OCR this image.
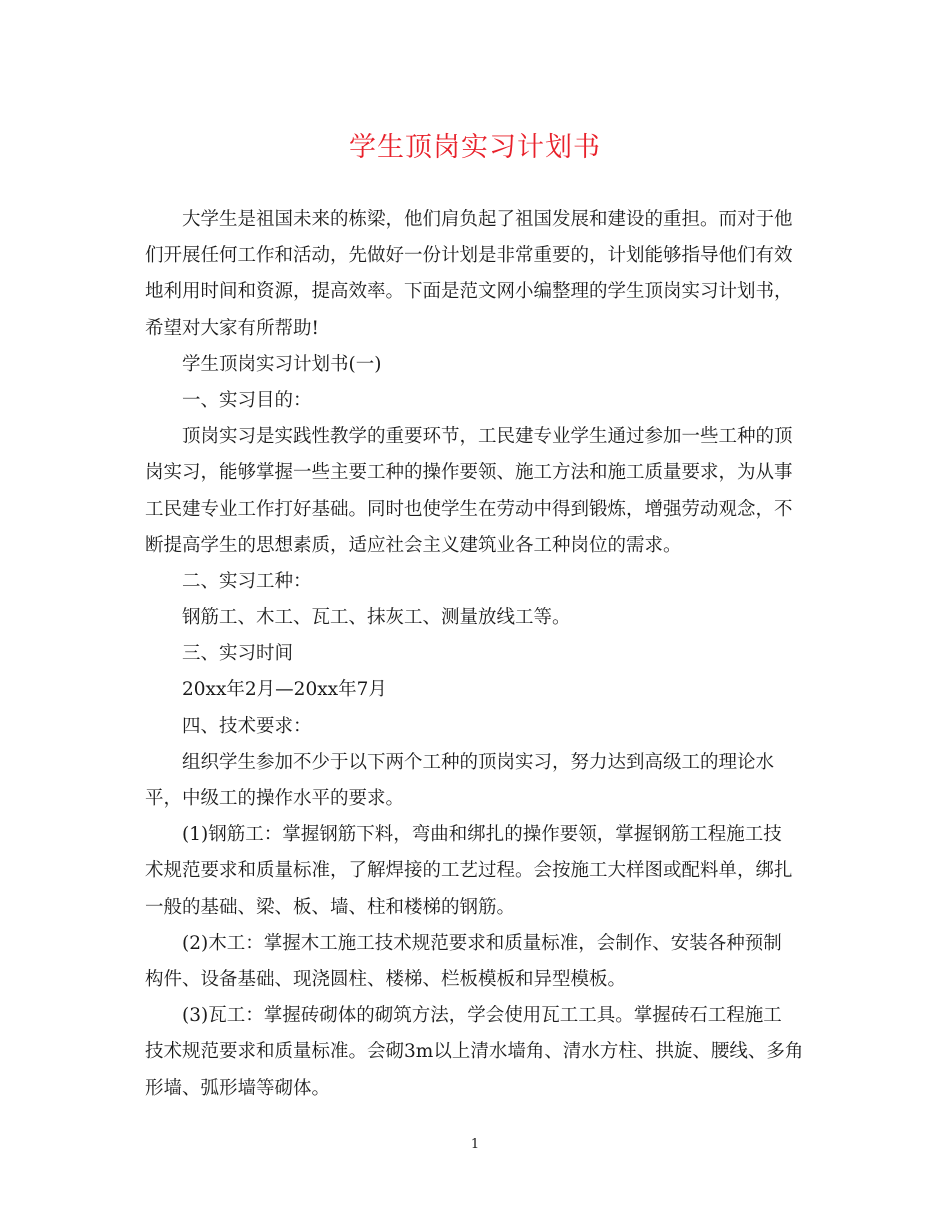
学生顶岗实习计划书
大学生是祖国未来的栋梁，他们肩负起了祖国发展和建设的重担。而对于他
们开展任何工作和活动，先做好一份计划是非常重要的，计划能够指导他们有效
地利用时间和资源，提高效率。下面是范文网小编整理的学生顶岗实习计划书，
希望对大家有所帮助!
学生顶岗实习计划书(一)
一、实习目的：
顶岗实习是实践性教学的重要环节，工民建专业学生通过参加一些工种的顶
岗实习，能够掌握一些主要工种的操作要领、施工方法和施工质量要求，为从事
工民建专业工作打好基础。同时也使学生在劳动中得到锻炼，增强劳动观念，不
断提高学生的思想素质，适应社会主义建筑业各工种岗位的需求。
二、实习工种：
钢筋工、木工、瓦工、抹灰工、测量放线工等。
三、实习时间
20xx年2月—20xx年7月
四、技术要求：
组织学生参加不少于以下两个工种的顶岗实习，努力达到高级工的理论水
平，中级工的操作水平的要求。
(1)钢筋工：掌握钢筋下料，弯曲和绑扎的操作要领，掌握钢筋工程施工技
术规范要求和质量标准，了解焊接的工艺过程。会按施工大样图或配料单，绑扎
一般的基础、梁、板、墙、柱和楼梯的钢筋。
(2)木工：掌握木工施工技术规范要求和质量标准，会制作、安装各种预制
构件、设备基础、现浇圆柱、楼梯、栏板模板和异型模板。
(3)瓦工：掌握砖砌体的砌筑方法，学会使用瓦工工具。掌握砖石工程施工
技术规范要求和质量标准。会砌3m以上清水墙角、清水方柱、拱旋、腰线、多角
形墙、弧形墙等砌体。
1
